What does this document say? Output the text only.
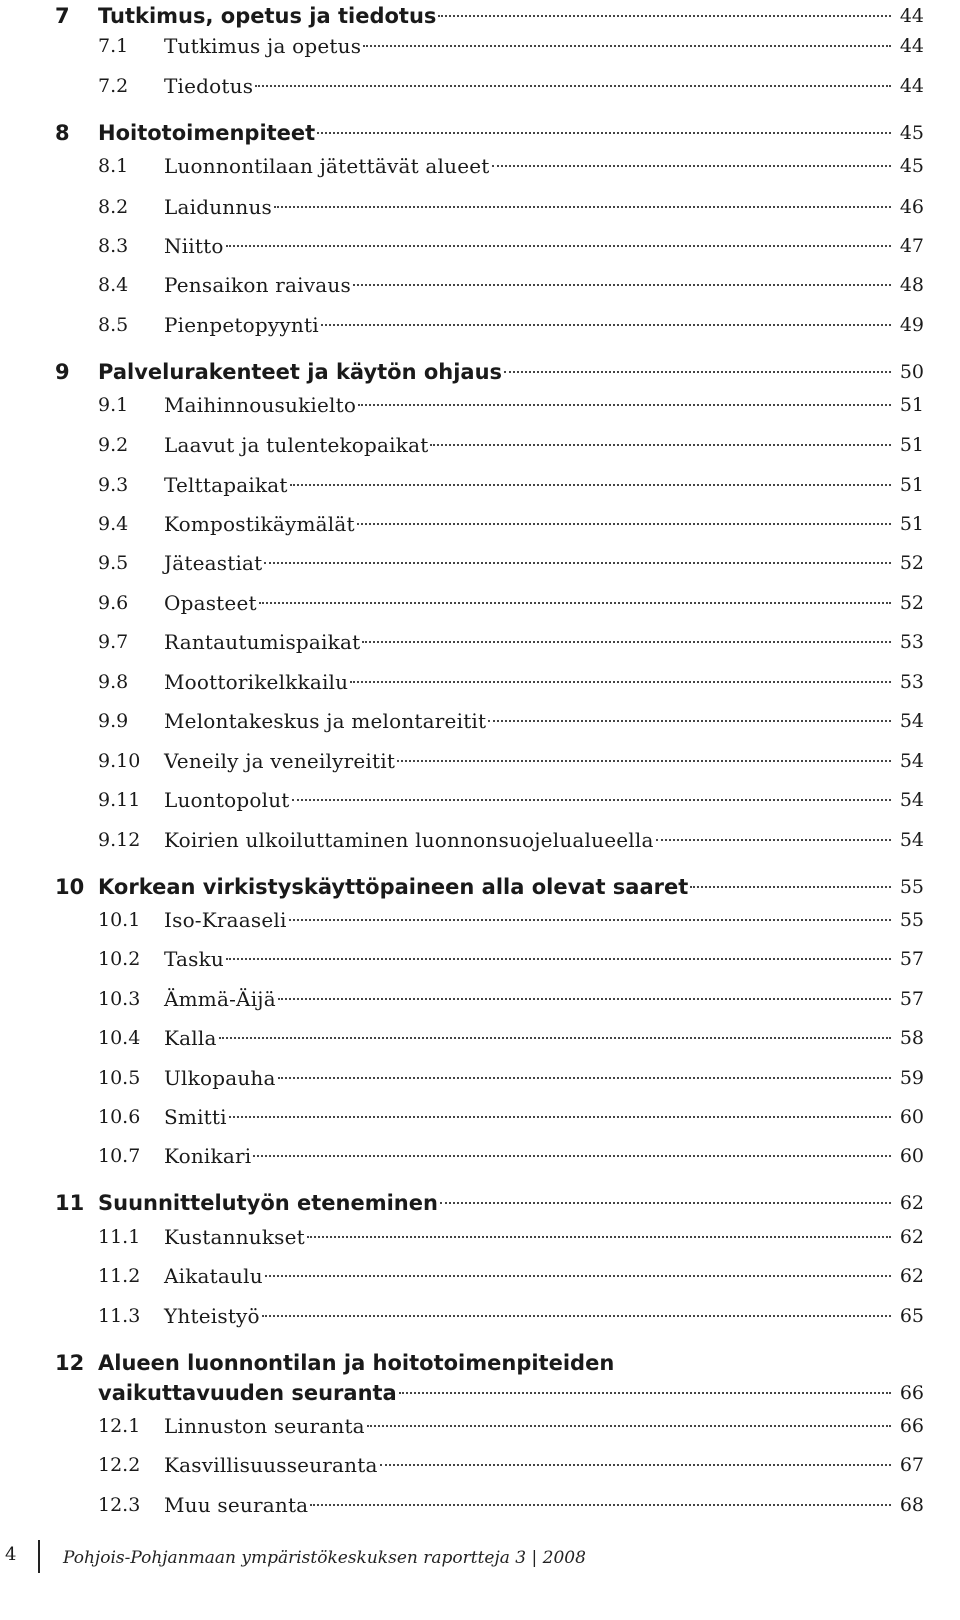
7 Tutkimus, opetus ja tiedotus	44
7.1 Tutkimus ja opetus	44
7.2 Tiedotus	44
8 Hoitotoimenpiteet	45
8.1 Luonnontilaan jätettävät alueet	45
8.2 Laidunnus	46
8.3 Niitto	47
8.4 Pensaikon raivaus	48
8.5 Pienpetopyynti	49
9 Palvelurakenteet ja käytön ohjaus	50
9.1 Maihinnousukielto	51
9.2 Laavut ja tulentekopaikat	51
9.3 Telttapaikat	51
9.4 Kompostikäymälät	51
9.5 Jäteastiat	52
9.6 Opasteet	52
9.7 Rantautumispaikat	53
9.8 Moottorikelkkailu	53
9.9 Melontakeskus ja melontareitit	54
9.10 Veneily ja veneilyreitit	54
9.11 Luontopolut	54
9.12 Koirien ulkoiluttaminen luonnonsuojelualueella	54
10 Korkean virkistyskäyttöpaineen alla olevat saaret	55
10.1 Iso-Kraaseli	55
10.2 Tasku	57
10.3 Ämmä-Äijä	57
10.4 Kalla	58
10.5 Ulkopauha	59
10.6 Smitti	60
10.7 Konikari	60
11 Suunnittelutyön eteneminen	62
11.1 Kustannukset	62
11.2 Aikataulu	62
11.3 Yhteistyö	65
12 Alueen luonnontilan ja hoitotoimenpiteiden
vaikuttavuuden seuranta	66
12.1 Linnuston seuranta	66
12.2 Kasvillisuusseuranta	67
12.3 Muu seuranta	68
4	Pohjois-Pohjanmaan ympäristökeskuksen raportteja 3 | 2008
